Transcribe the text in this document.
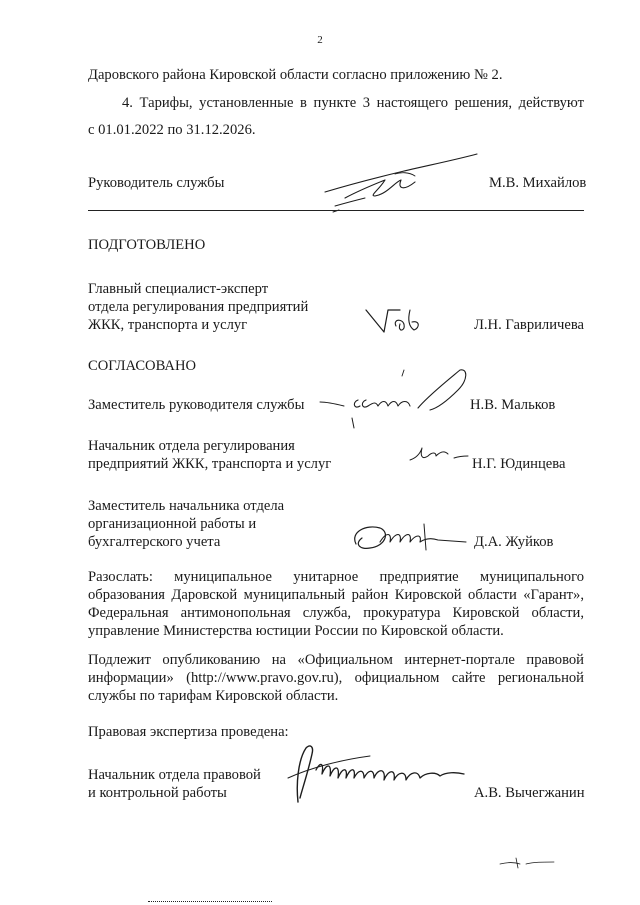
2
Даровского района Кировской области согласно приложению № 2.
4. Тарифы, установленные в пункте 3 настоящего решения, действуют
с 01.01.2022 по 31.12.2026.
Руководитель службы	М.В. Михайлов
ПОДГОТОВЛЕНО
Главный специалист-эксперт
отдела регулирования предприятий
ЖКК, транспорта и услуг	Л.Н. Гавриличева
СОГЛАСОВАНО
Заместитель руководителя службы	Н.В. Мальков
Начальник отдела регулирования
предприятий ЖКК, транспорта и услуг	Н.Г. Юдинцева
Заместитель начальника отдела
организационной работы и
бухгалтерского учета	Д.А. Жуйков
Разослать: муниципальное унитарное предприятие муниципального
образования Даровской муниципальный район Кировской области «Гарант»,
Федеральная антимонопольная служба, прокуратура Кировской области,
управление Министерства юстиции России по Кировской области.
Подлежит опубликованию на «Официальном интернет-портале правовой
информации» (http://www.pravo.gov.ru), официальном сайте региональной
службы по тарифам Кировской области.
Правовая экспертиза проведена:
Начальник отдела правовой
и контрольной работы	А.В. Вычегжанин
